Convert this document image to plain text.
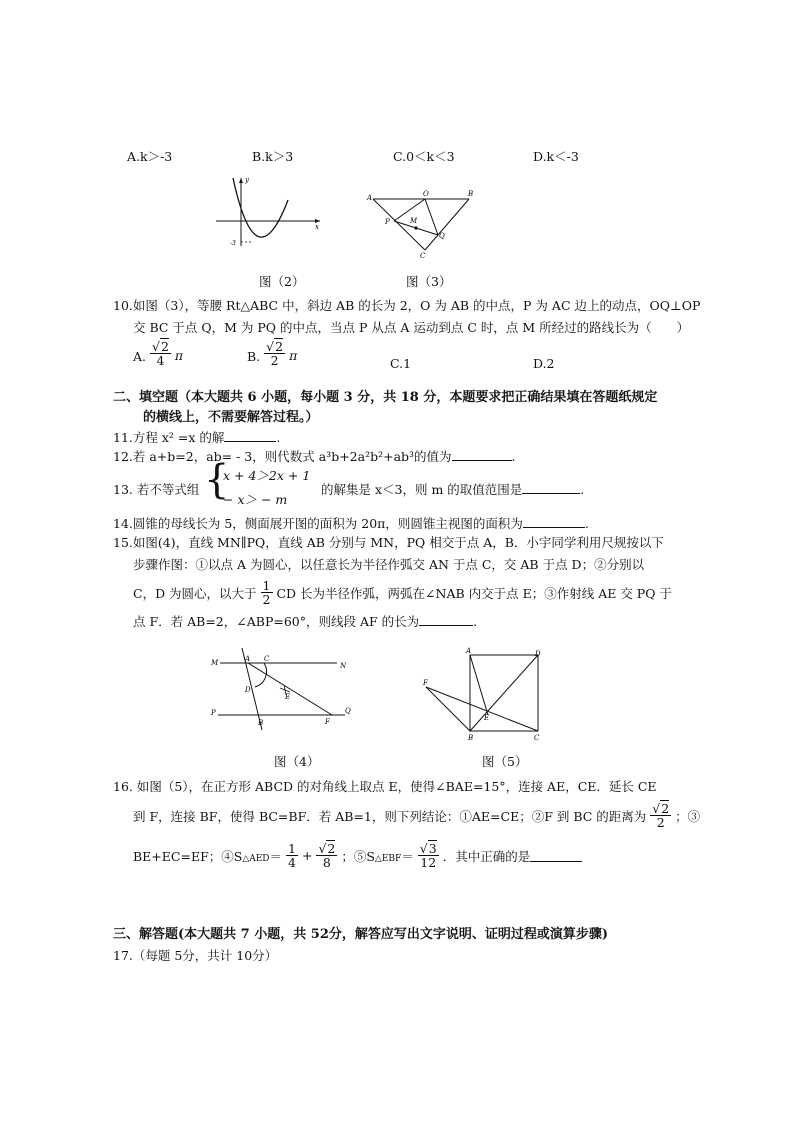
A.k＞-3	B.k＞3	C.0＜k＜3	D.k＜-3
y
x
-3
A	O	B
P	M
Q
C
图（2）	图（3）
10.如图（3），等腰 Rt△ABC 中，斜边 AB 的长为 2，O 为 AB 的中点，P 为 AC 边上的动点，OQ⊥OP
交 BC 于点 Q，M 为 PQ 的中点，当点 P 从点 A 运动到点 C 时，点 M 所经过的路线长为（　　）
A. $\frac{√2}{4}$ π	B. $\frac{√2}{2}$ π
C.1	D.2
二、填空题（本大题共 6 小题，每小题 3 分，共 18 分，本题要求把正确结果填在答题纸规定
的横线上，不需要解答过程。）
11.方程 x² =x 的解	.
12.若 a+b=2，ab= - 3，则代数式 a³b+2a²b²+ab³的值为	.
13. 若不等式组 {
x + 4＞2x + 1
− x＞ − m
的解集是 x＜3，则 m 的取值范围是	.
14.圆锥的母线长为 5，侧面展开图的面积为 20π，则圆锥主视图的面积为	.
15.如图(4)，直线 MN∥PQ，直线 AB 分别与 MN，PQ 相交于点 A，B．小宇同学利用尺规按以下
步骤作图：①以点 A 为圆心，以任意长为半径作弧交 AN 于点 C，交 AB 于点 D；②分别以
C，D 为圆心，以大于 $\frac{1}{2}$ CD 长为半径作弧，两弧在∠NAB 内交于点 E；③作射线 AE 交 PQ 于
点 F．若 AB=2，∠ABP=60°，则线段 AF 的长为	.
M	A C
N
D
E
P
B	F
Q
A	D
F
E
B	C
图（4）	图（5）
16. 如图（5），在正方形 ABCD 的对角线上取点 E，使得∠BAE=15°，连接 AE，CE．延长 CE
到 F，连接 BF，使得 BC=BF．若 AB=1，则下列结论：①AE=CE；②F 到 BC 的距离为 $\frac{√2}{2}$ ；③
BE+EC=EF；④S△AED＝ $\frac{1}{4} + \frac{√2}{8}$ ；⑤S△EBF＝ $\frac{√3}{12}$ ．其中正确的是
三、解答题(本大题共 7 小题，共 52分，解答应写出文字说明、证明过程或演算步骤)
17.（每题 5分，共计 10分）
